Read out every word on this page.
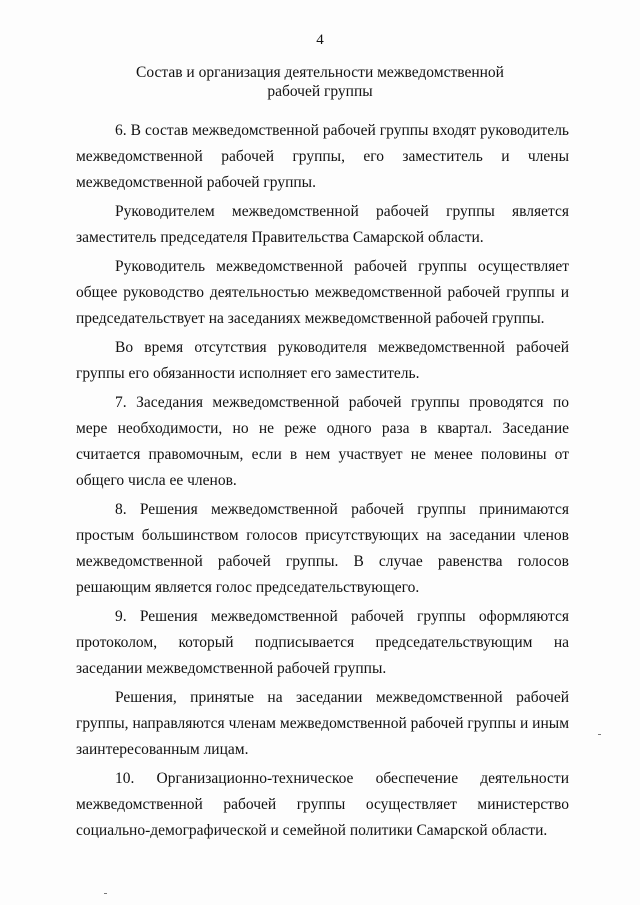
4
Состав и организация деятельности межведомственной
рабочей группы

6. В состав межведомственной рабочей группы входят руководитель межведомственной рабочей группы, его заместитель и члены межведомственной рабочей группы.

Руководителем межведомственной рабочей группы является заместитель председателя Правительства Самарской области.

Руководитель межведомственной рабочей группы осуществляет общее руководство деятельностью межведомственной рабочей группы и председательствует на заседаниях межведомственной рабочей группы.

Во время отсутствия руководителя межведомственной рабочей группы его обязанности исполняет его заместитель.

7. Заседания межведомственной рабочей группы проводятся по мере необходимости, но не реже одного раза в квартал. Заседание считается правомочным, если в нем участвует не менее половины от общего числа ее членов.

8. Решения межведомственной рабочей группы принимаются простым большинством голосов присутствующих на заседании членов межведомственной рабочей группы. В случае равенства голосов решающим является голос председательствующего.

9. Решения межведомственной рабочей группы оформляются протоколом, который подписывается председательствующим на заседании межведомственной рабочей группы.

Решения, принятые на заседании межведомственной рабочей группы, направляются членам межведомственной рабочей группы и иным заинтересованным лицам.

10. Организационно-техническое обеспечение деятельности межведомственной рабочей группы осуществляет министерство социально-демографической и семейной политики Самарской области.
